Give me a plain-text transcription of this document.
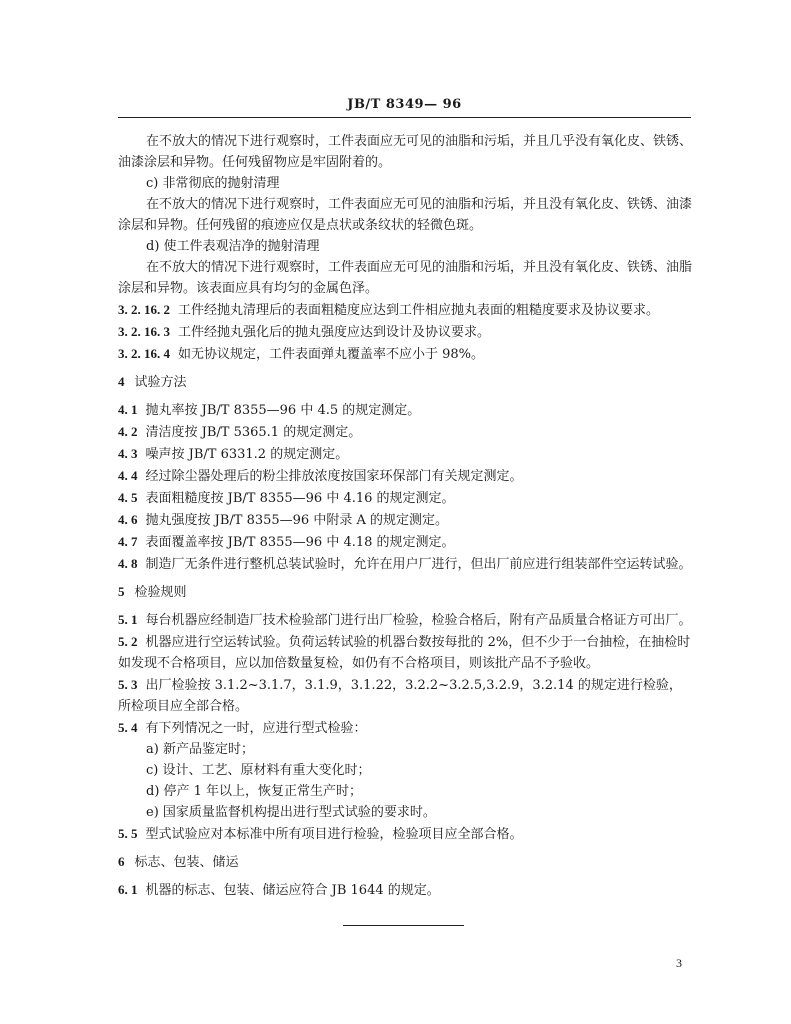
JB/T 8349— 96

在不放大的情况下进行观察时，工件表面应无可见的油脂和污垢，并且几乎没有氧化皮、铁锈、油漆涂层和异物。任何残留物应是牢固附着的。

c) 非常彻底的抛射清理

在不放大的情况下进行观察时，工件表面应无可见的油脂和污垢，并且没有氧化皮、铁锈、油漆涂层和异物。任何残留的痕迹应仅是点状或条纹状的轻微色斑。

d) 使工件表观洁净的抛射清理

在不放大的情况下进行观察时，工件表面应无可见的油脂和污垢，并且没有氧化皮、铁锈、油脂涂层和异物。该表面应具有均匀的金属色泽。

3. 2. 16. 2 工件经抛丸清理后的表面粗糙度应达到工件相应抛丸表面的粗糙度要求及协议要求。

3. 2. 16. 3 工件经抛丸强化后的抛丸强度应达到设计及协议要求。

3. 2. 16. 4 如无协议规定，工件表面弹丸覆盖率不应小于 98%。

4 试验方法

4. 1 抛丸率按 JB/T 8355—96 中 4.5 的规定测定。

4. 2 清洁度按 JB/T 5365.1 的规定测定。

4. 3 噪声按 JB/T 6331.2 的规定测定。

4. 4 经过除尘器处理后的粉尘排放浓度按国家环保部门有关规定测定。

4. 5 表面粗糙度按 JB/T 8355—96 中 4.16 的规定测定。

4. 6 抛丸强度按 JB/T 8355—96 中附录 A 的规定测定。

4. 7 表面覆盖率按 JB/T 8355—96 中 4.18 的规定测定。

4. 8 制造厂无条件进行整机总装试验时，允许在用户厂进行，但出厂前应进行组装部件空运转试验。

5 检验规则

5. 1 每台机器应经制造厂技术检验部门进行出厂检验，检验合格后，附有产品质量合格证方可出厂。

5. 2 机器应进行空运转试验。负荷运转试验的机器台数按每批的 2%，但不少于一台抽检，在抽检时如发现不合格项目，应以加倍数量复检，如仍有不合格项目，则该批产品不予验收。

5. 3 出厂检验按 3.1.2~3.1.7，3.1.9，3.1.22，3.2.2~3.2.5,3.2.9，3.2.14 的规定进行检验，所检项目应全部合格。

5. 4 有下列情况之一时，应进行型式检验：

a) 新产品鉴定时；

c) 设计、工艺、原材料有重大变化时；

d) 停产 1 年以上，恢复正常生产时；

e) 国家质量监督机构提出进行型式试验的要求时。

5. 5 型式试验应对本标准中所有项目进行检验，检验项目应全部合格。

6 标志、包装、储运

6. 1 机器的标志、包装、储运应符合 JB 1644 的规定。

3
